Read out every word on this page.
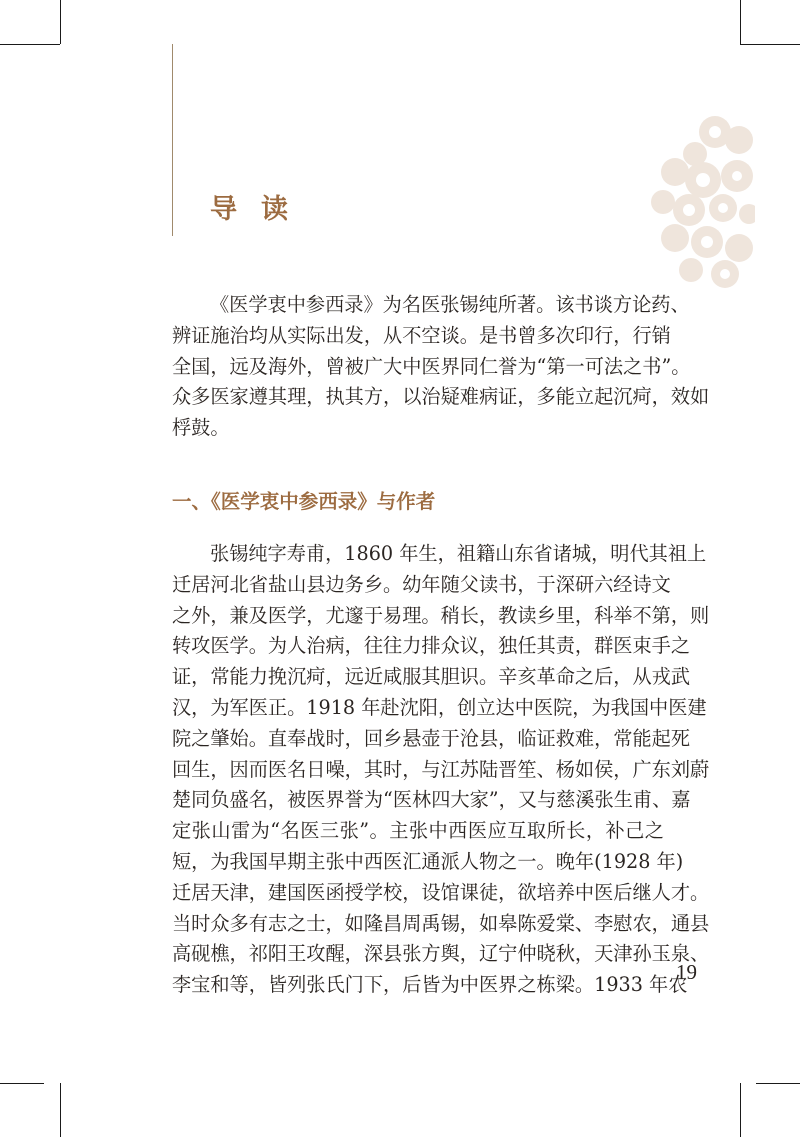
导读
《医学衷中参西录》为名医张锡纯所著。该书谈方论药、
辨证施治均从实际出发，从不空谈。是书曾多次印行，行销
全国，远及海外，曾被广大中医界同仁誉为“第一可法之书”。
众多医家遵其理，执其方，以治疑难病证，多能立起沉疴，效如
桴鼓。
一、《医学衷中参西录》与作者
张锡纯字寿甫，1860 年生，祖籍山东省诸城，明代其祖上
迁居河北省盐山县边务乡。幼年随父读书，于深研六经诗文
之外，兼及医学，尤邃于易理。稍长，教读乡里，科举不第，则
转攻医学。为人治病，往往力排众议，独任其责，群医束手之
证，常能力挽沉疴，远近咸服其胆识。辛亥革命之后，从戎武
汉，为军医正。1918 年赴沈阳，创立达中医院，为我国中医建
院之肇始。直奉战时，回乡悬壶于沧县，临证救难，常能起死
回生，因而医名日噪，其时，与江苏陆晋笙、杨如侯，广东刘蔚
楚同负盛名，被医界誉为“医林四大家”，又与慈溪张生甫、嘉
定张山雷为“名医三张”。主张中西医应互取所长，补己之
短，为我国早期主张中西医汇通派人物之一。晚年(1928 年)
迁居天津，建国医函授学校，设馆课徒，欲培养中医后继人才。
当时众多有志之士，如隆昌周禹锡，如皋陈爱棠、李慰农，通县
高砚樵，祁阳王攻醒，深县张方舆，辽宁仲晓秋，天津孙玉泉、
李宝和等，皆列张氏门下，后皆为中医界之栋梁。1933 年农
19
